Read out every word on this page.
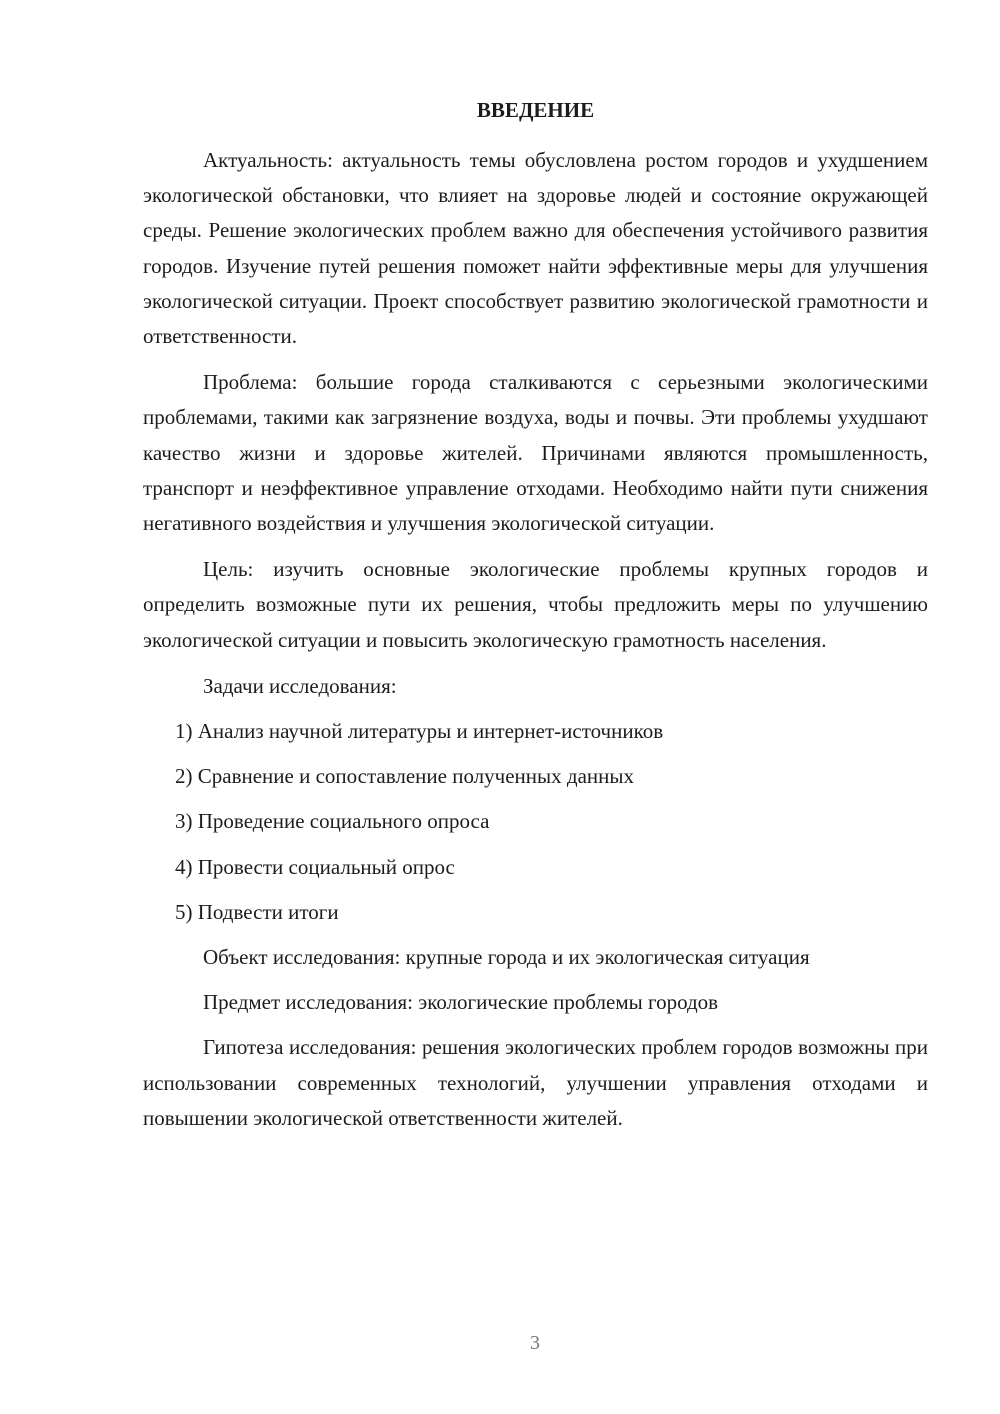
ВВЕДЕНИЕ

Актуальность: актуальность темы обусловлена ростом городов и ухудшением экологической обстановки, что влияет на здоровье людей и состояние окружающей среды. Решение экологических проблем важно для обеспечения устойчивого развития городов. Изучение путей решения поможет найти эффективные меры для улучшения экологической ситуации. Проект способствует развитию экологической грамотности и ответственности.

Проблема: большие города сталкиваются с серьезными экологическими проблемами, такими как загрязнение воздуха, воды и почвы. Эти проблемы ухудшают качество жизни и здоровье жителей. Причинами являются промышленность, транспорт и неэффективное управление отходами. Необходимо найти пути снижения негативного воздействия и улучшения экологической ситуации.

Цель: изучить основные экологические проблемы крупных городов и определить возможные пути их решения, чтобы предложить меры по улучшению экологической ситуации и повысить экологическую грамотность населения.

Задачи исследования:

1) Анализ научной литературы и интернет-источников
2) Сравнение и сопоставление полученных данных
3) Проведение социального опроса
4) Провести социальный опрос
5) Подвести итоги

Объект исследования: крупные города и их экологическая ситуация

Предмет исследования: экологические проблемы городов

Гипотеза исследования: решения экологических проблем городов возможны при использовании современных технологий, улучшении управления отходами и повышении экологической ответственности жителей.

3
